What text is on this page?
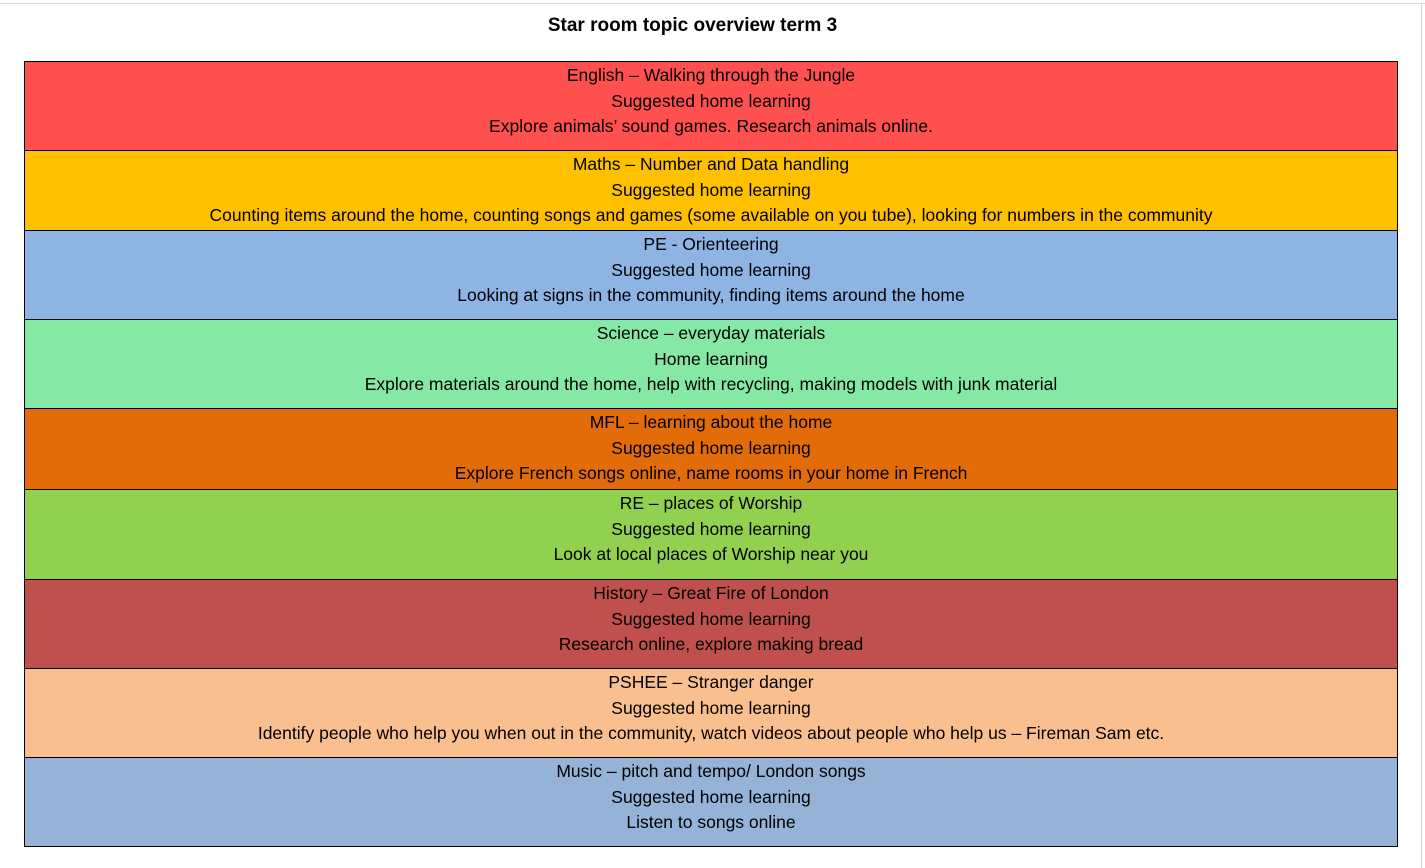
Star room topic overview term 3
English – Walking through the Jungle
Suggested home learning
Explore animals’ sound games. Research animals online.

Maths – Number and Data handling
Suggested home learning
Counting items around the home, counting songs and games (some available on you tube), looking for numbers in the community

PE - Orienteering
Suggested home learning
Looking at signs in the community, finding items around the home

Science – everyday materials
Home learning
Explore materials around the home, help with recycling, making models with junk material

MFL – learning about the home
Suggested home learning
Explore French songs online, name rooms in your home in French

RE – places of Worship
Suggested home learning
Look at local places of Worship near you

History – Great Fire of London
Suggested home learning
Research online, explore making bread

PSHEE – Stranger danger
Suggested home learning
Identify people who help you when out in the community, watch videos about people who help us – Fireman Sam etc.

Music – pitch and tempo/ London songs
Suggested home learning
Listen to songs online
